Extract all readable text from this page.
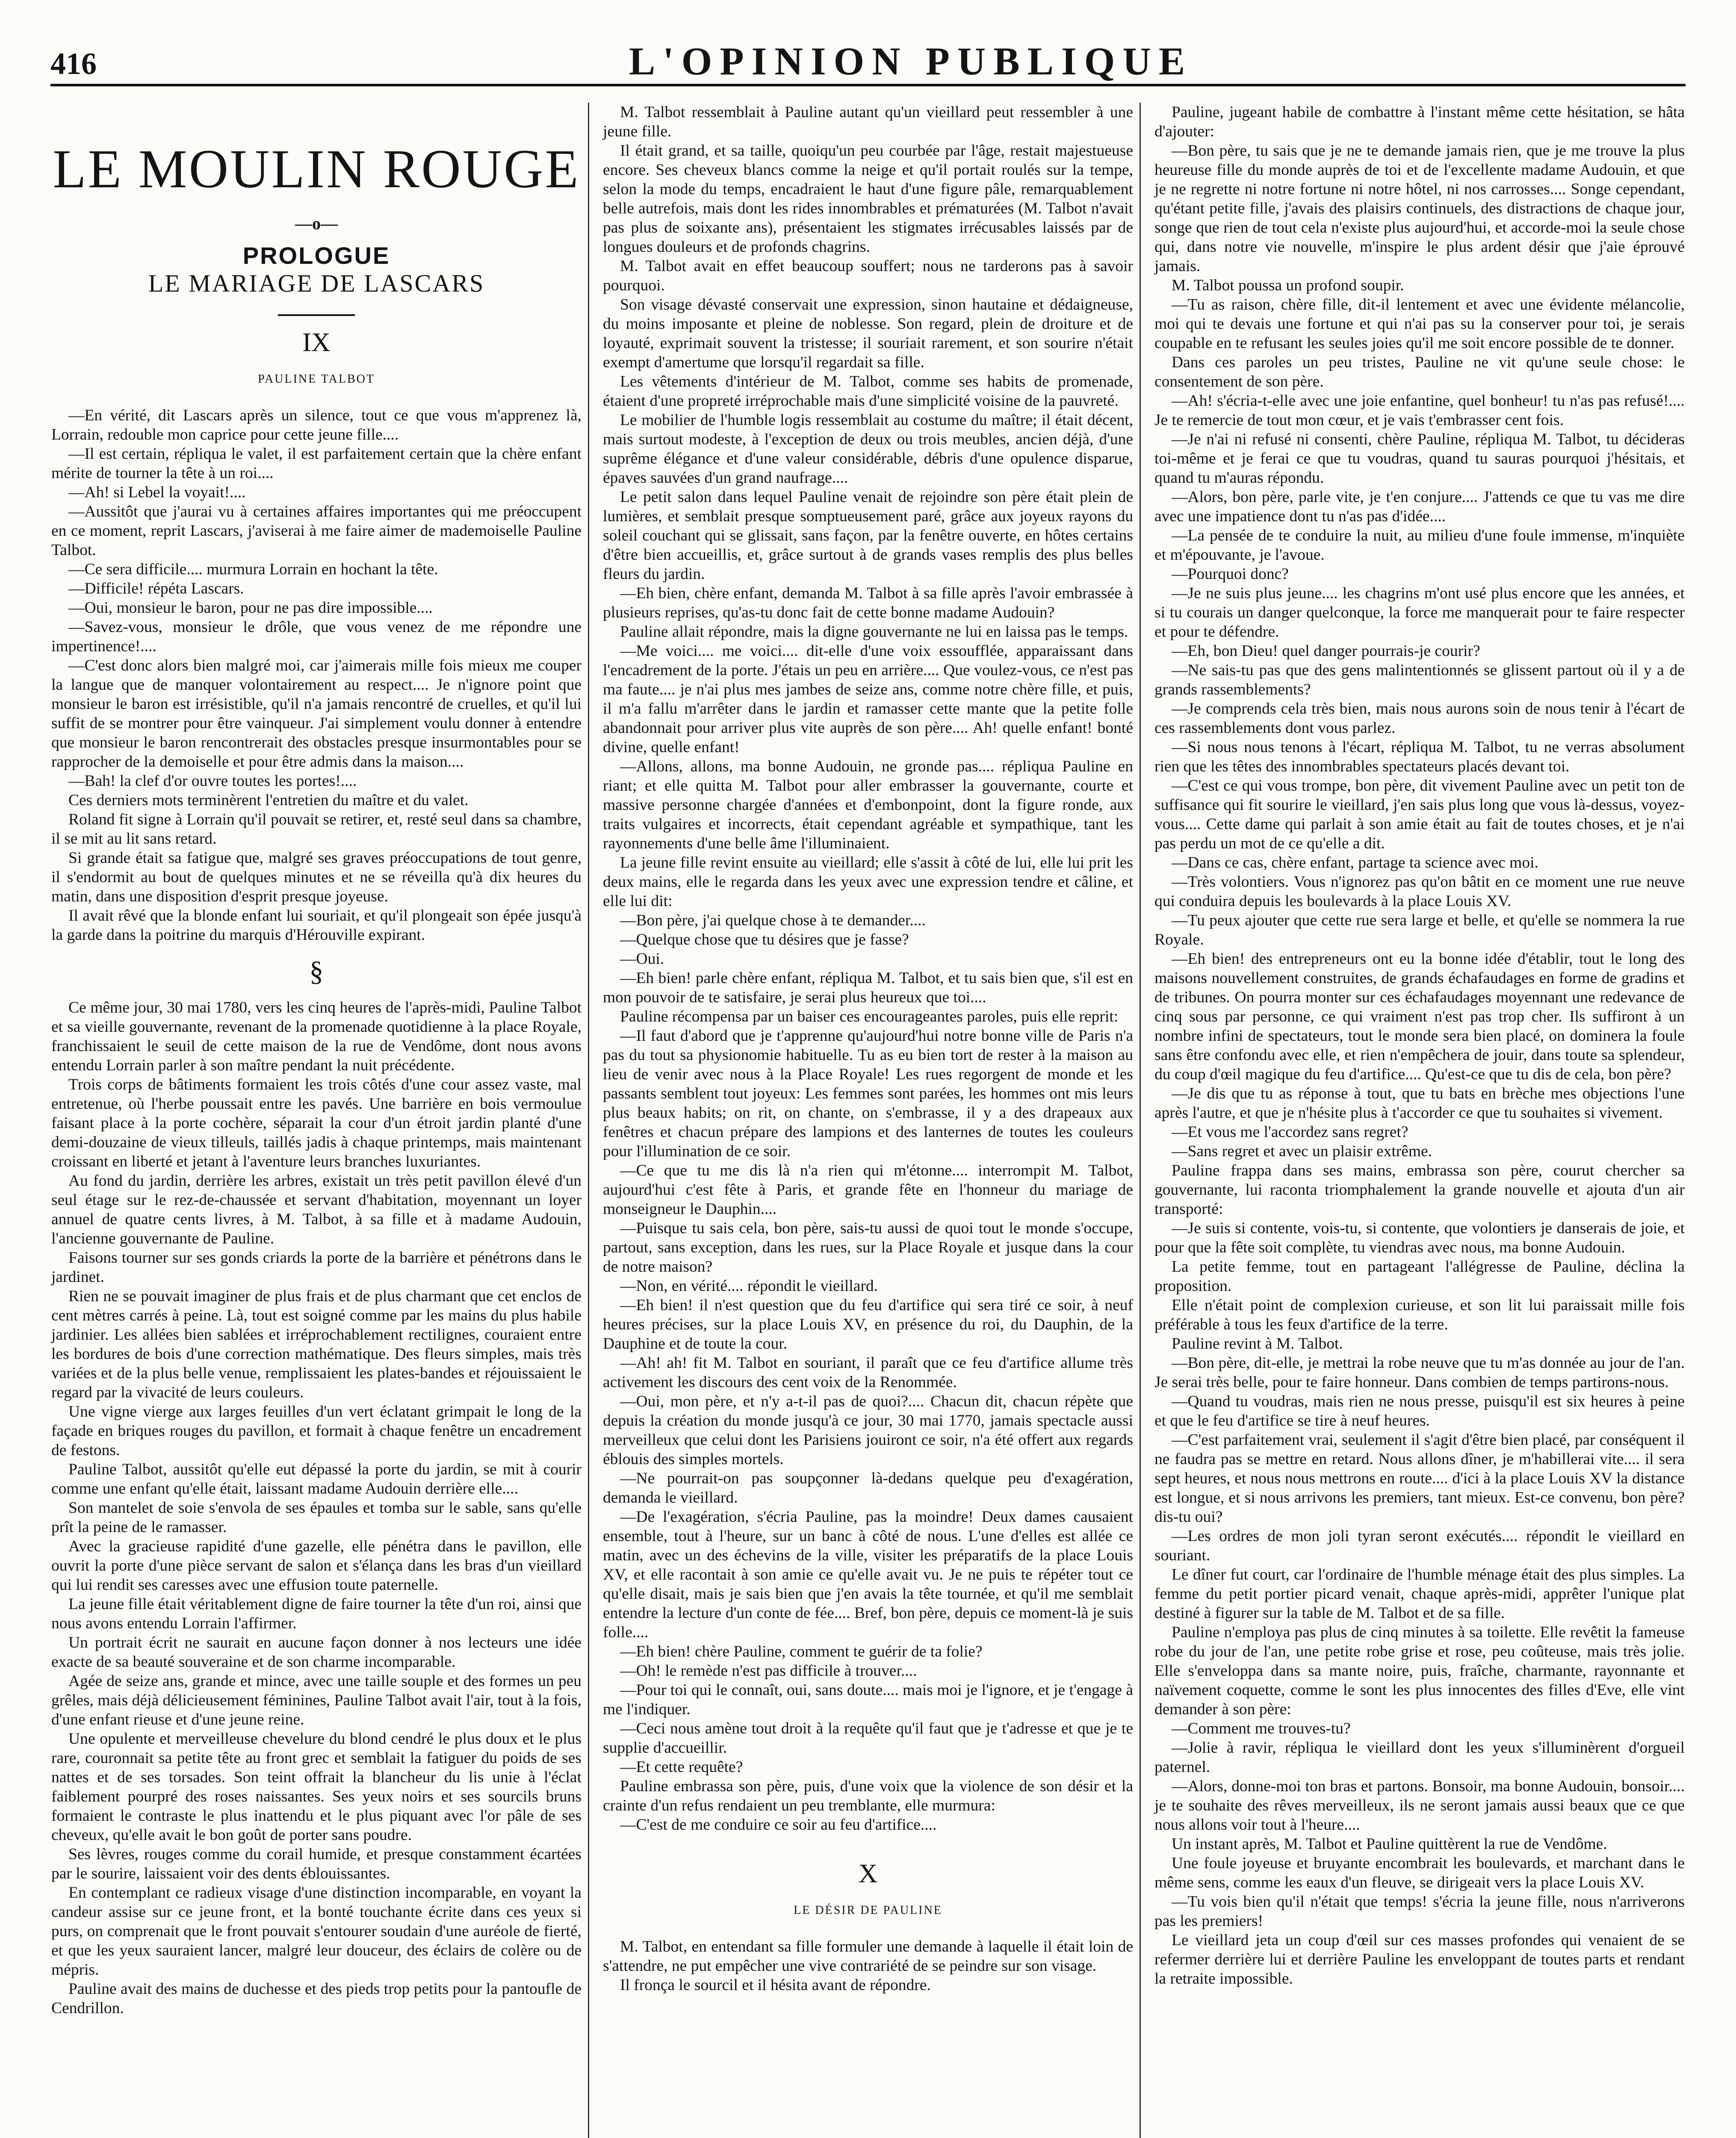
416	L'OPINION PUBLIQUE
LE MOULIN ROUGE
—o—
PROLOGUE
LE MARIAGE DE LASCARS
IX
PAULINE TALBOT

—En vérité, dit Lascars après un silence, tout ce que vous m'apprenez là, Lorrain, redouble mon caprice pour cette jeune fille....

—Il est certain, répliqua le valet, il est parfaitement certain que la chère enfant mérite de tourner la tête à un roi....

—Ah! si Lebel la voyait!....

—Aussitôt que j'aurai vu à certaines affaires importantes qui me préoccupent en ce moment, reprit Lascars, j'aviserai à me faire aimer de mademoiselle Pauline Talbot.

—Ce sera difficile.... murmura Lorrain en hochant la tête.

—Difficile! répéta Lascars.

—Oui, monsieur le baron, pour ne pas dire impossible....

—Savez-vous, monsieur le drôle, que vous venez de me répondre une impertinence!....

—C'est donc alors bien malgré moi, car j'aimerais mille fois mieux me couper la langue que de manquer volontairement au respect.... Je n'ignore point que monsieur le baron est irrésistible, qu'il n'a jamais rencontré de cruelles, et qu'il lui suffit de se montrer pour être vainqueur. J'ai simplement voulu donner à entendre que monsieur le baron rencontrerait des obstacles presque insurmontables pour se rapprocher de la demoiselle et pour être admis dans la maison....

—Bah! la clef d'or ouvre toutes les portes!....

Ces derniers mots terminèrent l'entretien du maître et du valet.

Roland fit signe à Lorrain qu'il pouvait se retirer, et, resté seul dans sa chambre, il se mit au lit sans retard.

Si grande était sa fatigue que, malgré ses graves préoccupations de tout genre, il s'endormit au bout de quelques minutes et ne se réveilla qu'à dix heures du matin, dans une disposition d'esprit presque joyeuse.

Il avait rêvé que la blonde enfant lui souriait, et qu'il plongeait son épée jusqu'à la garde dans la poitrine du marquis d'Hérouville expirant.

§

Ce même jour, 30 mai 1780, vers les cinq heures de l'après-midi, Pauline Talbot et sa vieille gouvernante, revenant de la promenade quotidienne à la place Royale, franchissaient le seuil de cette maison de la rue de Vendôme, dont nous avons entendu Lorrain parler à son maître pendant la nuit précédente.

Trois corps de bâtiments formaient les trois côtés d'une cour assez vaste, mal entretenue, où l'herbe poussait entre les pavés. Une barrière en bois vermoulue faisant place à la porte cochère, séparait la cour d'un étroit jardin planté d'une demi-douzaine de vieux tilleuls, taillés jadis à chaque printemps, mais maintenant croissant en liberté et jetant à l'aventure leurs branches luxuriantes.

Au fond du jardin, derrière les arbres, existait un très petit pavillon élevé d'un seul étage sur le rez-de-chaussée et servant d'habitation, moyennant un loyer annuel de quatre cents livres, à M. Talbot, à sa fille et à madame Audouin, l'ancienne gouvernante de Pauline.

Faisons tourner sur ses gonds criards la porte de la barrière et pénétrons dans le jardinet.

Rien ne se pouvait imaginer de plus frais et de plus charmant que cet enclos de cent mètres carrés à peine. Là, tout est soigné comme par les mains du plus habile jardinier. Les allées bien sablées et irréprochablement rectilignes, couraient entre les bordures de bois d'une correction mathématique. Des fleurs simples, mais très variées et de la plus belle venue, remplissaient les plates-bandes et réjouissaient le regard par la vivacité de leurs couleurs.

Une vigne vierge aux larges feuilles d'un vert éclatant grimpait le long de la façade en briques rouges du pavillon, et formait à chaque fenêtre un encadrement de festons.

Pauline Talbot, aussitôt qu'elle eut dépassé la porte du jardin, se mit à courir comme une enfant qu'elle était, laissant madame Audouin derrière elle....

Son mantelet de soie s'envola de ses épaules et tomba sur le sable, sans qu'elle prît la peine de le ramasser.

Avec la gracieuse rapidité d'une gazelle, elle pénétra dans le pavillon, elle ouvrit la porte d'une pièce servant de salon et s'élança dans les bras d'un vieillard qui lui rendit ses caresses avec une effusion toute paternelle.

La jeune fille était véritablement digne de faire tourner la tête d'un roi, ainsi que nous avons entendu Lorrain l'affirmer.

Un portrait écrit ne saurait en aucune façon donner à nos lecteurs une idée exacte de sa beauté souveraine et de son charme incomparable.

Agée de seize ans, grande et mince, avec une taille souple et des formes un peu grêles, mais déjà délicieusement féminines, Pauline Talbot avait l'air, tout à la fois, d'une enfant rieuse et d'une jeune reine.

Une opulente et merveilleuse chevelure du blond cendré le plus doux et le plus rare, couronnait sa petite tête au front grec et semblait la fatiguer du poids de ses nattes et de ses torsades. Son teint offrait la blancheur du lis unie à l'éclat faiblement pourpré des roses naissantes. Ses yeux noirs et ses sourcils bruns formaient le contraste le plus inattendu et le plus piquant avec l'or pâle de ses cheveux, qu'elle avait le bon goût de porter sans poudre.

Ses lèvres, rouges comme du corail humide, et presque constamment écartées par le sourire, laissaient voir des dents éblouissantes.

En contemplant ce radieux visage d'une distinction incomparable, en voyant la candeur assise sur ce jeune front, et la bonté touchante écrite dans ces yeux si purs, on comprenait que le front pouvait s'entourer soudain d'une auréole de fierté, et que les yeux sauraient lancer, malgré leur douceur, des éclairs de colère ou de mépris.

Pauline avait des mains de duchesse et des pieds trop petits pour la pantoufle de Cendrillon.

M. Talbot ressemblait à Pauline autant qu'un vieillard peut ressembler à une jeune fille.

Il était grand, et sa taille, quoiqu'un peu courbée par l'âge, restait majestueuse encore. Ses cheveux blancs comme la neige et qu'il portait roulés sur la tempe, selon la mode du temps, encadraient le haut d'une figure pâle, remarquablement belle autrefois, mais dont les rides innombrables et prématurées (M. Talbot n'avait pas plus de soixante ans), présentaient les stigmates irrécusables laissés par de longues douleurs et de profonds chagrins.

M. Talbot avait en effet beaucoup souffert; nous ne tarderons pas à savoir pourquoi.

Son visage dévasté conservait une expression, sinon hautaine et dédaigneuse, du moins imposante et pleine de noblesse. Son regard, plein de droiture et de loyauté, exprimait souvent la tristesse; il souriait rarement, et son sourire n'était exempt d'amertume que lorsqu'il regardait sa fille.

Les vêtements d'intérieur de M. Talbot, comme ses habits de promenade, étaient d'une propreté irréprochable mais d'une simplicité voisine de la pauvreté.

Le mobilier de l'humble logis ressemblait au costume du maître; il était décent, mais surtout modeste, à l'exception de deux ou trois meubles, ancien déjà, d'une suprême élégance et d'une valeur considérable, débris d'une opulence disparue, épaves sauvées d'un grand naufrage....

Le petit salon dans lequel Pauline venait de rejoindre son père était plein de lumières, et semblait presque somptueusement paré, grâce aux joyeux rayons du soleil couchant qui se glissait, sans façon, par la fenêtre ouverte, en hôtes certains d'être bien accueillis, et, grâce surtout à de grands vases remplis des plus belles fleurs du jardin.

—Eh bien, chère enfant, demanda M. Talbot à sa fille après l'avoir embrassée à plusieurs reprises, qu'as-tu donc fait de cette bonne madame Audouin?

Pauline allait répondre, mais la digne gouvernante ne lui en laissa pas le temps.

—Me voici.... me voici.... dit-elle d'une voix essoufflée, apparaissant dans l'encadrement de la porte. J'étais un peu en arrière.... Que voulez-vous, ce n'est pas ma faute.... je n'ai plus mes jambes de seize ans, comme notre chère fille, et puis, il m'a fallu m'arrêter dans le jardin et ramasser cette mante que la petite folle abandonnait pour arriver plus vite auprès de son père.... Ah! quelle enfant! bonté divine, quelle enfant!

—Allons, allons, ma bonne Audouin, ne gronde pas.... répliqua Pauline en riant; et elle quitta M. Talbot pour aller embrasser la gouvernante, courte et massive personne chargée d'années et d'embonpoint, dont la figure ronde, aux traits vulgaires et incorrects, était cependant agréable et sympathique, tant les rayonnements d'une belle âme l'illuminaient.

La jeune fille revint ensuite au vieillard; elle s'assit à côté de lui, elle lui prit les deux mains, elle le regarda dans les yeux avec une expression tendre et câline, et elle lui dit:

—Bon père, j'ai quelque chose à te demander....

—Quelque chose que tu désires que je fasse?

—Oui.

—Eh bien! parle chère enfant, répliqua M. Talbot, et tu sais bien que, s'il est en mon pouvoir de te satisfaire, je serai plus heureux que toi....

Pauline récompensa par un baiser ces encourageantes paroles, puis elle reprit:

—Il faut d'abord que je t'apprenne qu'aujourd'hui notre bonne ville de Paris n'a pas du tout sa physionomie habituelle. Tu as eu bien tort de rester à la maison au lieu de venir avec nous à la Place Royale! Les rues regorgent de monde et les passants semblent tout joyeux: Les femmes sont parées, les hommes ont mis leurs plus beaux habits; on rit, on chante, on s'embrasse, il y a des drapeaux aux fenêtres et chacun prépare des lampions et des lanternes de toutes les couleurs pour l'illumination de ce soir.

—Ce que tu me dis là n'a rien qui m'étonne.... interrompit M. Talbot, aujourd'hui c'est fête à Paris, et grande fête en l'honneur du mariage de monseigneur le Dauphin....

—Puisque tu sais cela, bon père, sais-tu aussi de quoi tout le monde s'occupe, partout, sans exception, dans les rues, sur la Place Royale et jusque dans la cour de notre maison?

—Non, en vérité.... répondit le vieillard.

—Eh bien! il n'est question que du feu d'artifice qui sera tiré ce soir, à neuf heures précises, sur la place Louis XV, en présence du roi, du Dauphin, de la Dauphine et de toute la cour.

—Ah! ah! fit M. Talbot en souriant, il paraît que ce feu d'artifice allume très activement les discours des cent voix de la Renommée.

—Oui, mon père, et n'y a-t-il pas de quoi?.... Chacun dit, chacun répète que depuis la création du monde jusqu'à ce jour, 30 mai 1770, jamais spectacle aussi merveilleux que celui dont les Parisiens jouiront ce soir, n'a été offert aux regards éblouis des simples mortels.

—Ne pourrait-on pas soupçonner là-dedans quelque peu d'exagération, demanda le vieillard.

—De l'exagération, s'écria Pauline, pas la moindre! Deux dames causaient ensemble, tout à l'heure, sur un banc à côté de nous. L'une d'elles est allée ce matin, avec un des échevins de la ville, visiter les préparatifs de la place Louis XV, et elle racontait à son amie ce qu'elle avait vu. Je ne puis te répéter tout ce qu'elle disait, mais je sais bien que j'en avais la tête tournée, et qu'il me semblait entendre la lecture d'un conte de fée.... Bref, bon père, depuis ce moment-là je suis folle....

—Eh bien! chère Pauline, comment te guérir de ta folie?

—Oh! le remède n'est pas difficile à trouver....

—Pour toi qui le connaît, oui, sans doute.... mais moi je l'ignore, et je t'engage à me l'indiquer.

—Ceci nous amène tout droit à la requête qu'il faut que je t'adresse et que je te supplie d'accueillir.

—Et cette requête?

Pauline embrassa son père, puis, d'une voix que la violence de son désir et la crainte d'un refus rendaient un peu tremblante, elle murmura:

—C'est de me conduire ce soir au feu d'artifice....

X
LE DÉSIR DE PAULINE

M. Talbot, en entendant sa fille formuler une demande à laquelle il était loin de s'attendre, ne put empêcher une vive contrariété de se peindre sur son visage.

Il fronça le sourcil et il hésita avant de répondre.

Pauline, jugeant habile de combattre à l'instant même cette hésitation, se hâta d'ajouter:

—Bon père, tu sais que je ne te demande jamais rien, que je me trouve la plus heureuse fille du monde auprès de toi et de l'excellente madame Audouin, et que je ne regrette ni notre fortune ni notre hôtel, ni nos carrosses.... Songe cependant, qu'étant petite fille, j'avais des plaisirs continuels, des distractions de chaque jour, songe que rien de tout cela n'existe plus aujourd'hui, et accorde-moi la seule chose qui, dans notre vie nouvelle, m'inspire le plus ardent désir que j'aie éprouvé jamais.

M. Talbot poussa un profond soupir.

—Tu as raison, chère fille, dit-il lentement et avec une évidente mélancolie, moi qui te devais une fortune et qui n'ai pas su la conserver pour toi, je serais coupable en te refusant les seules joies qu'il me soit encore possible de te donner.

Dans ces paroles un peu tristes, Pauline ne vit qu'une seule chose: le consentement de son père.

—Ah! s'écria-t-elle avec une joie enfantine, quel bonheur! tu n'as pas refusé!.... Je te remercie de tout mon cœur, et je vais t'embrasser cent fois.

—Je n'ai ni refusé ni consenti, chère Pauline, répliqua M. Talbot, tu décideras toi-même et je ferai ce que tu voudras, quand tu sauras pourquoi j'hésitais, et quand tu m'auras répondu.

—Alors, bon père, parle vite, je t'en conjure.... J'attends ce que tu vas me dire avec une impatience dont tu n'as pas d'idée....

—La pensée de te conduire la nuit, au milieu d'une foule immense, m'inquiète et m'épouvante, je l'avoue.

—Pourquoi donc?

—Je ne suis plus jeune.... les chagrins m'ont usé plus encore que les années, et si tu courais un danger quelconque, la force me manquerait pour te faire respecter et pour te défendre.

—Eh, bon Dieu! quel danger pourrais-je courir?

—Ne sais-tu pas que des gens malintentionnés se glissent partout où il y a de grands rassemblements?

—Je comprends cela très bien, mais nous aurons soin de nous tenir à l'écart de ces rassemblements dont vous parlez.

—Si nous nous tenons à l'écart, répliqua M. Talbot, tu ne verras absolument rien que les têtes des innombrables spectateurs placés devant toi.

—C'est ce qui vous trompe, bon père, dit vivement Pauline avec un petit ton de suffisance qui fit sourire le vieillard, j'en sais plus long que vous là-dessus, voyez-vous.... Cette dame qui parlait à son amie était au fait de toutes choses, et je n'ai pas perdu un mot de ce qu'elle a dit.

—Dans ce cas, chère enfant, partage ta science avec moi.

—Très volontiers. Vous n'ignorez pas qu'on bâtit en ce moment une rue neuve qui conduira depuis les boulevards à la place Louis XV.

—Tu peux ajouter que cette rue sera large et belle, et qu'elle se nommera la rue Royale.

—Eh bien! des entrepreneurs ont eu la bonne idée d'établir, tout le long des maisons nouvellement construites, de grands échafaudages en forme de gradins et de tribunes. On pourra monter sur ces échafaudages moyennant une redevance de cinq sous par personne, ce qui vraiment n'est pas trop cher. Ils suffiront à un nombre infini de spectateurs, tout le monde sera bien placé, on dominera la foule sans être confondu avec elle, et rien n'empêchera de jouir, dans toute sa splendeur, du coup d'œil magique du feu d'artifice.... Qu'est-ce que tu dis de cela, bon père?

—Je dis que tu as réponse à tout, que tu bats en brèche mes objections l'une après l'autre, et que je n'hésite plus à t'accorder ce que tu souhaites si vivement.

—Et vous me l'accordez sans regret?

—Sans regret et avec un plaisir extrême.

Pauline frappa dans ses mains, embrassa son père, courut chercher sa gouvernante, lui raconta triomphalement la grande nouvelle et ajouta d'un air transporté:

—Je suis si contente, vois-tu, si contente, que volontiers je danserais de joie, et pour que la fête soit complète, tu viendras avec nous, ma bonne Audouin.

La petite femme, tout en partageant l'allégresse de Pauline, déclina la proposition.

Elle n'était point de complexion curieuse, et son lit lui paraissait mille fois préférable à tous les feux d'artifice de la terre.

Pauline revint à M. Talbot.

—Bon père, dit-elle, je mettrai la robe neuve que tu m'as donnée au jour de l'an. Je serai très belle, pour te faire honneur. Dans combien de temps partirons-nous.

—Quand tu voudras, mais rien ne nous presse, puisqu'il est six heures à peine et que le feu d'artifice se tire à neuf heures.

—C'est parfaitement vrai, seulement il s'agit d'être bien placé, par conséquent il ne faudra pas se mettre en retard. Nous allons dîner, je m'habillerai vite.... il sera sept heures, et nous nous mettrons en route.... d'ici à la place Louis XV la distance est longue, et si nous arrivons les premiers, tant mieux. Est-ce convenu, bon père? dis-tu oui?

—Les ordres de mon joli tyran seront exécutés.... répondit le vieillard en souriant.

Le dîner fut court, car l'ordinaire de l'humble ménage était des plus simples. La femme du petit portier picard venait, chaque après-midi, apprêter l'unique plat destiné à figurer sur la table de M. Talbot et de sa fille.

Pauline n'employa pas plus de cinq minutes à sa toilette. Elle revêtit la fameuse robe du jour de l'an, une petite robe grise et rose, peu coûteuse, mais très jolie. Elle s'enveloppa dans sa mante noire, puis, fraîche, charmante, rayonnante et naïvement coquette, comme le sont les plus innocentes des filles d'Eve, elle vint demander à son père:

—Comment me trouves-tu?

—Jolie à ravir, répliqua le vieillard dont les yeux s'illuminèrent d'orgueil paternel.

—Alors, donne-moi ton bras et partons. Bonsoir, ma bonne Audouin, bonsoir.... je te souhaite des rêves merveilleux, ils ne seront jamais aussi beaux que ce que nous allons voir tout à l'heure....

Un instant après, M. Talbot et Pauline quittèrent la rue de Vendôme.

Une foule joyeuse et bruyante encombrait les boulevards, et marchant dans le même sens, comme les eaux d'un fleuve, se dirigeait vers la place Louis XV.

—Tu vois bien qu'il n'était que temps! s'écria la jeune fille, nous n'arriverons pas les premiers!

Le vieillard jeta un coup d'œil sur ces masses profondes qui venaient de se refermer derrière lui et derrière Pauline les enveloppant de toutes parts et rendant la retraite impossible.
